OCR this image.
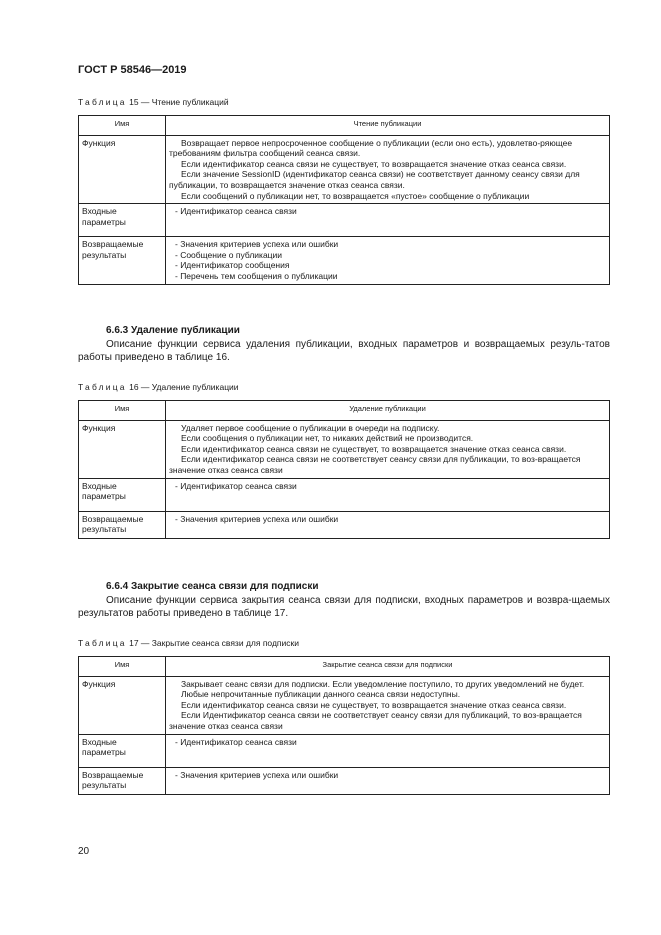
ГОСТ Р 58546—2019
Таблица 15 — Чтение публикаций
Имя	Чтение публикации
Функция	Возвращает первое непросроченное сообщение о публикации (если оно есть), удовлетво-ряющее требованиям фильтра сообщений сеанса связи.

Если идентификатор сеанса связи не существует, то возвращается значение отказ сеанса связи.

Если значение SessionID (идентификатор сеанса связи) не соответствует данному сеансу связи для публикации, то возвращается значение отказ сеанса связи.

Если сообщений о публикации нет, то возвращается «пустое» сообщение о публикации

Входные параметры	- Идентификатор сеанса связи

Возвращаемые результаты	- Значения критериев успеха или ошибки

- Сообщение о публикации

- Идентификатор сообщения

- Перечень тем сообщения о публикации

6.6.3 Удаление публикации
Описание функции сервиса удаления публикации, входных параметров и возвращаемых резуль-татов работы приведено в таблице 16.
Таблица 16 — Удаление публикации
Имя	Удаление публикации
Функция	Удаляет первое сообщение о публикации в очереди на подписку.

Если сообщения о публикации нет, то никаких действий не производится.

Если идентификатор сеанса связи не существует, то возвращается значение отказ сеанса связи.

Если идентификатор сеанса связи не соответствует сеансу связи для публикации, то воз-вращается значение отказ сеанса связи

Входные параметры	- Идентификатор сеанса связи

Возвращаемые результаты	- Значения критериев успеха или ошибки

6.6.4 Закрытие сеанса связи для подписки
Описание функции сервиса закрытия сеанса связи для подписки, входных параметров и возвра-щаемых результатов работы приведено в таблице 17.
Таблица 17 — Закрытие сеанса связи для подписки
Имя	Закрытие сеанса связи для подписки
Функция	Закрывает сеанс связи для подписки. Если уведомление поступило, то других уведомлений не будет.

Любые непрочитанные публикации данного сеанса связи недоступны.

Если идентификатор сеанса связи не существует, то возвращается значение отказ сеанса связи.

Если Идентификатор сеанса связи не соответствует сеансу связи для публикаций, то воз-вращается значение отказ сеанса связи

Входные параметры	- Идентификатор сеанса связи

Возвращаемые результаты	- Значения критериев успеха или ошибки

20
